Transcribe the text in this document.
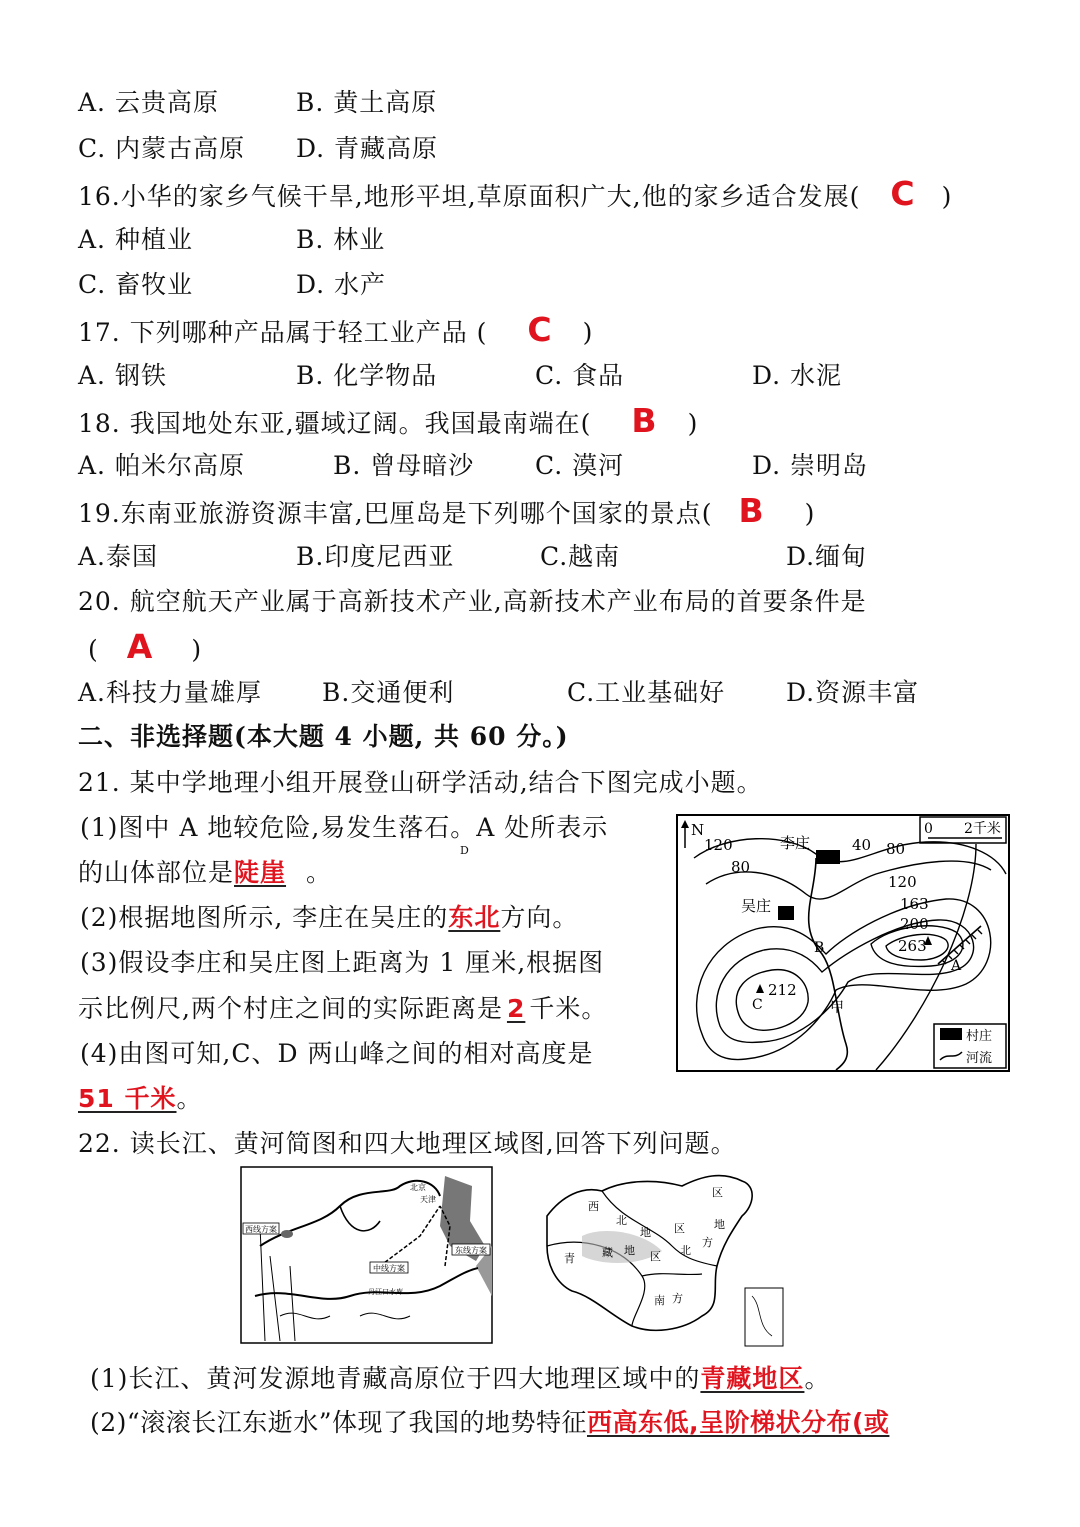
A. 云贵高原	B. 黄土高原
C. 内蒙古高原 D. 青藏高原
16.小华的家乡气候干旱,地形平坦,草原面积广大,他的家乡适合发展( C )
A. 种植业	B. 林业
C. 畜牧业	D. 水产
17. 下列哪种产品属于轻工业产品 ( C )
A. 钢铁	B. 化学物品	C. 食品	D. 水泥
18. 我国地处东亚,疆域辽阔。我国最南端在( B )
A. 帕米尔高原	B. 曾母暗沙 C. 漠河	D. 崇明岛
19.东南亚旅游资源丰富,巴厘岛是下列哪个国家的景点( B )
A.泰国	B.印度尼西亚	C.越南	D.缅甸
20. 航空航天产业属于高新技术产业,高新技术产业布局的首要条件是
( A )
A.科技力量雄厚 B.交通便利	C.工业基础好 D.资源丰富
二、非选择题(本大题 4 小题, 共 60 分。)
21. 某中学地理小组开展登山研学活动,结合下图完成小题。
(1)图中 A 地较危险,易发生落石。A 处所表示
D
的山体部位是陡崖 。
(2)根据地图所示, 李庄在吴庄的东北方向。
(3)假设李庄和吴庄图上距离为 1 厘米,根据图
示比例尺,两个村庄之间的实际距离是 2 千米。
(4)由图可知,C、D 两山峰之间的相对高度是
51 千米。
N	0 2千米
李庄
吴庄
120
80
40 80
120
163
200
263
212
A
B
C	甲
村庄
河流
22. 读长江、黄河简图和四大地理区域图,回答下列问题。
西线方案
中线方案
东线方案
北京
天津
丹江口水库
西
北
地 区
青 藏 地
区
地
方
北
区
南 方
(1)长江、黄河发源地青藏高原位于四大地理区域中的青藏地区。
(2)“滚滚长江东逝水”体现了我国的地势特征西高东低,呈阶梯状分布(或
